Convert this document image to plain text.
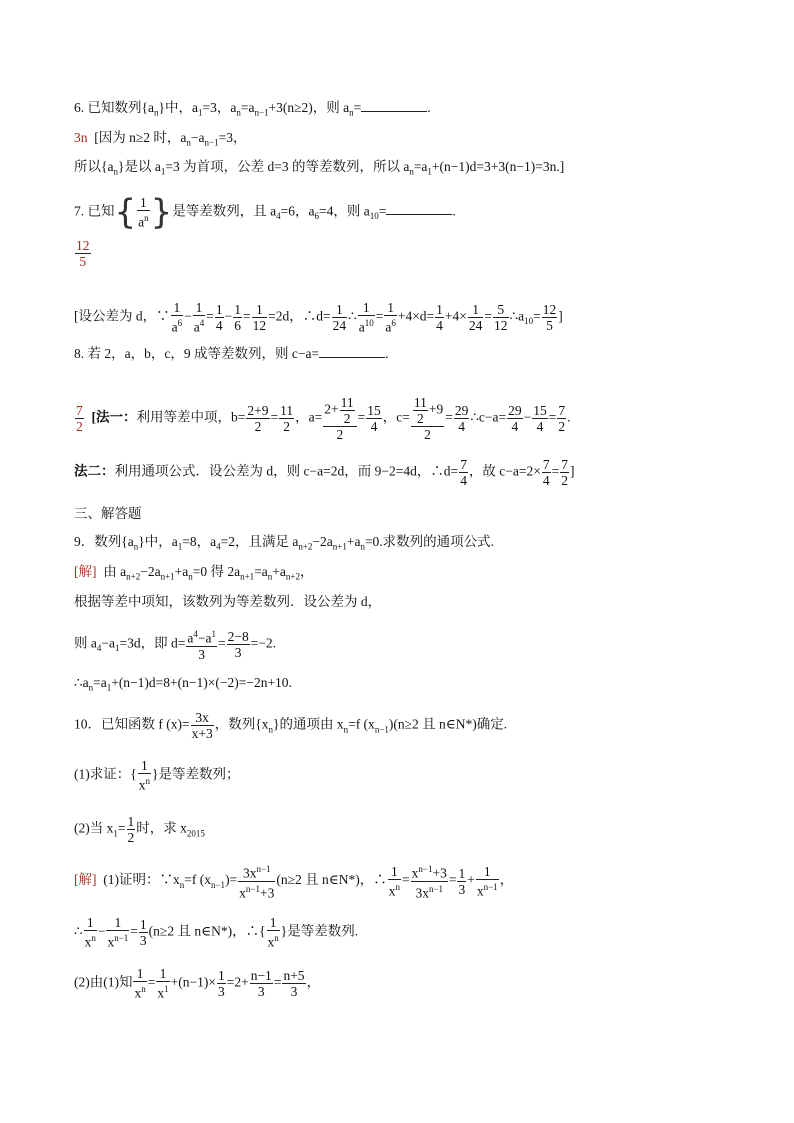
6. 已知数列$\{a_n\}$中，$a_1=3$，$a_n=a_{n-1}+3(n\ge 2)$，则 $a_n=$	.
3n [因为 n≥2 时，$a_n-a_{n-1}=3$，
所以$\{a_n\}$是以 $a_1=3$ 为首项，公差 d=3 的等差数列，所以 $a_n=a_1+(n-1)d=3+3(n-1)=3n$.]
7. 已知{ $\frac{1}{a^n}$ }是等差数列，且 $a_4=6$，$a_6=4$，则 $a_{10}=$	.
$\frac{12}{5}$
[设公差为 d，∵ $\frac{1}{a^6} - \frac{1}{a^4} = \frac{1}{4} - \frac{1}{6} = \frac{1}{12} =2d$，∴d= $\frac{1}{24}$ ∴ $\frac{1}{a^{10}} = \frac{1}{a^6} +4\times d= \frac{1}{4} +4\times \frac{1}{24} = \frac{5}{12}$ $\therefore a_{10}= \frac{12}{5}$ ]
8. 若 2，a，b，c，9 成等差数列，则 c−a=	.
$\frac{7}{2}$ [法一：利用等差中项，$b= \frac{2+9}{2} = \frac{11}{2}$ ，$a= \frac{2+ \frac{11}{2}}{2} = \frac{15}{4}$ ，$c= \frac{\frac{11}{2} +9}{2} = \frac{29}{4}$ ∴c−a= $\frac{29}{4} - \frac{15}{4} = \frac{7}{2}$ .
法二：利用通项公式．设公差为 d，则 c−a=2d，而 9−2=4d，∴d= $\frac{7}{4}$ ，故 $c-a=2\times \frac{7}{4} = \frac{7}{2}$ ]
三、解答题
9．数列$\{a_n\}$中，$a_1=8$，$a_4=2$，且满足 $a_{n+2}-2a_{n+1}+a_n=0$.求数列的通项公式.
[解] 由 $a_{n+2}-2a_{n+1}+a_n=0$ 得 $2a_{n+1}=a_n+a_{n+2}$，
根据等差中项知，该数列为等差数列．设公差为 d，
则 $a_4-a_1=3d$，即 $d= \frac{a^4-a^1}{3} = \frac{2-8}{3} =-2$.
$\therefore a_n=a_1+(n-1)d=8+(n-1)\times(-2)=-2n+10$.
10．已知函数 f $(x)= \frac{3x}{x+3}$ ，数列$\{x_n\}$的通项由 $x_n=f$ $(x_{n-1})(n\ge 2$ 且 n∈N*)确定.
(1)求证：{ $\frac{1}{x^n}$ }是等差数列；
(2)当 $x_1= \frac{1}{2}$ 时，求 $x_{2015}$
[解] (1)证明：$\because x_n=f$ $(x_{n-1})= \frac{3x^{n-1}}{x^{n-1}+3} (n\ge 2$ 且 n∈N*)，∴ $\frac{1}{x^n} = \frac{x^{n-1}+3}{3x^{n-1}} = \frac{1}{3} + \frac{1}{x^{n-1}}$ ，
∴ $\frac{1}{x^n} - \frac{1}{x^{n-1}} = \frac{1}{3} (n\ge 2$ 且 n∈N*)，∴{ $\frac{1}{x^n}$ }是等差数列.
(2)由(1)知 $\frac{1}{x^n} = \frac{1}{x^1} +(n-1)\times \frac{1}{3} =2+ \frac{n-1}{3} = \frac{n+5}{3}$ ，
